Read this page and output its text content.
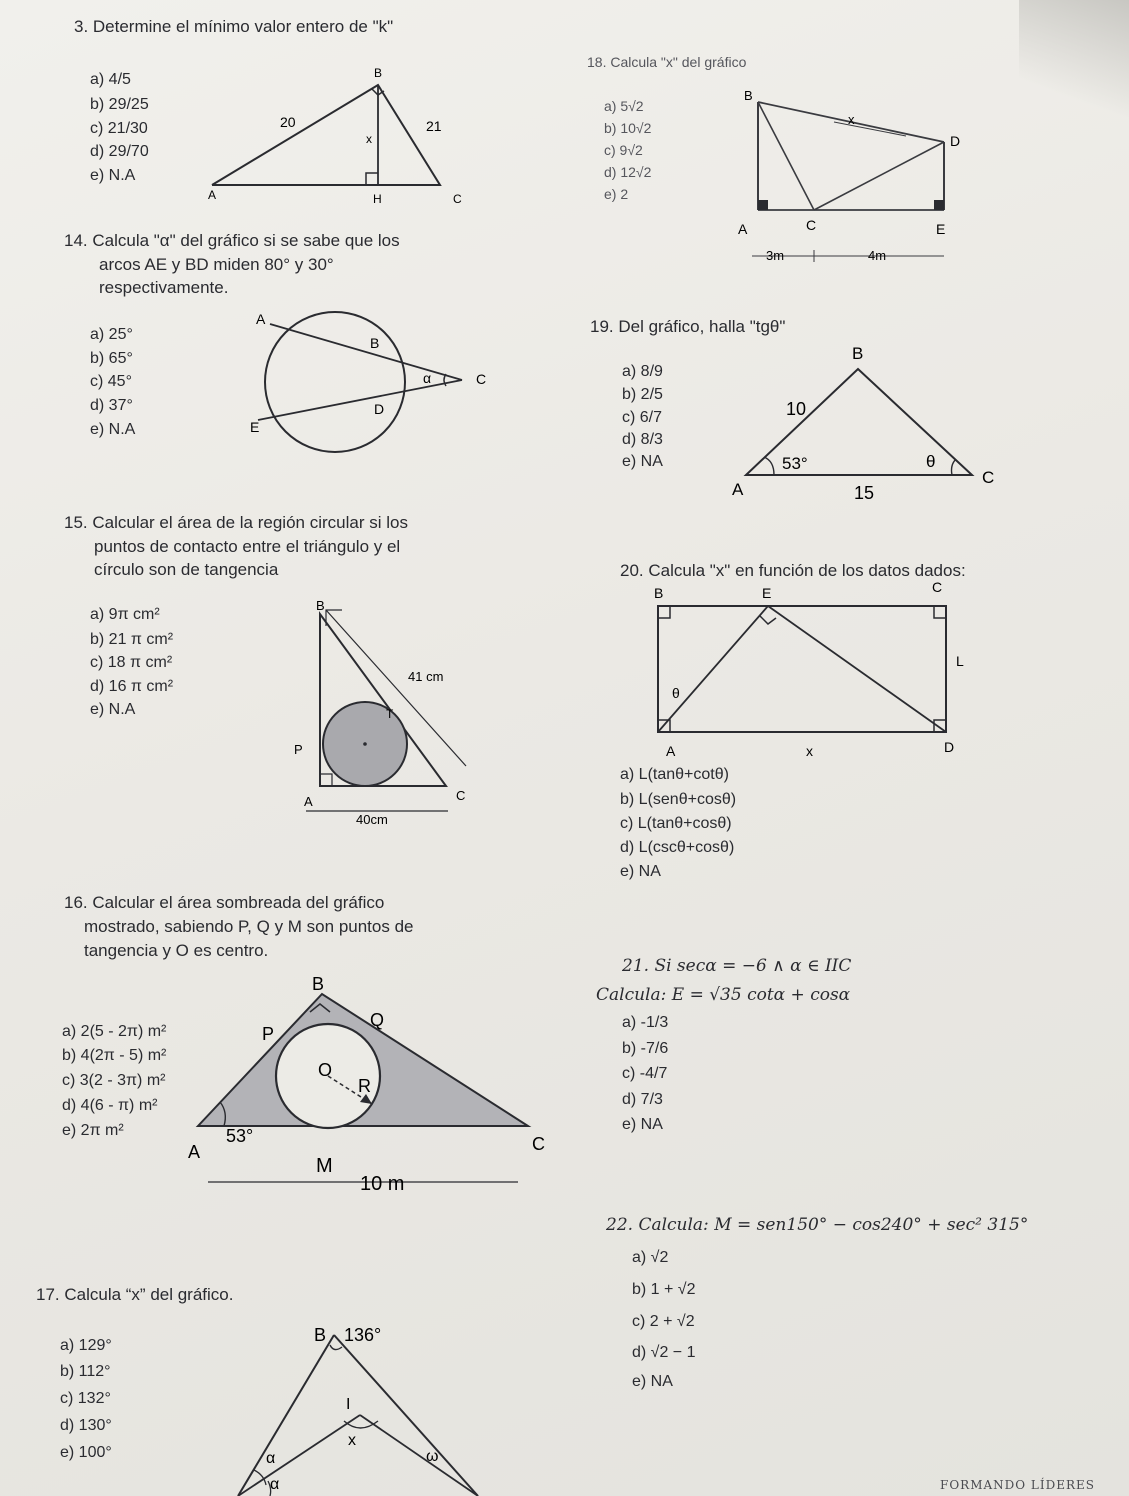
3. Determine el mínimo valor entero de "k"
a) 4/5
b) 29/25
c) 21/30
d) 29/70
e) N.A
B
A	H	C
20	21
x
14. Calcula "α" del gráfico si se sabe que los
arcos AE y BD miden 80° y 30°
respectivamente.
a) 25°
b) 65°
c) 45°
d) 37°
e) N.A
A
B
C
D
E
α
15. Calcular el área de la región circular si los
puntos de contacto entre el triángulo y el
círculo son de tangencia
a) 9π cm²
b) 21 π cm²
c) 18 π cm²
d) 16 π cm²
e) N.A
B
T
P
A	C
41 cm
40cm
16. Calcular el área sombreada del gráfico
mostrado, sabiendo P, Q y M son puntos de
tangencia y O es centro.
a) 2(5 - 2π) m²
b) 4(2π - 5) m²
c) 3(2 - 3π) m²
d) 4(6 - π) m²
e) 2π m²
B
P
Q
O
R
A	C
M
53°
10 m
17. Calcula “x” del gráfico.
a) 129°
b) 112°
c) 132°
d) 130°
e) 100°
B 136°
I
x
α
α
ω
18. Calcula "x" del gráfico
a) 5√2
b) 10√2
c) 9√2
d) 12√2
e) 2
B
x
D
A	C	E
3m	4m
19. Del gráfico, halla "tgθ"
a) 8/9
b) 2/5
c) 6/7
d) 8/3
e) NA
B
A
C
10
15
53°	θ
20. Calcula "x" en función de los datos dados:
a) L(tanθ+cotθ)
b) L(senθ+cosθ)
c) L(tanθ+cosθ)
d) L(cscθ+cosθ)
e) NA
B	E	C
L
θ
A	x	D
21. Si secα = −6 ∧ α ∈ IIC
Calcula: E = √35 cotα + cosα
a) -1/3
b) -7/6
c) -4/7
d) 7/3
e) NA
22. Calcula: M = sen150° − cos240° + sec² 315°
a) √2
b) 1 + √2
c) 2 + √2
d) √2 − 1
e) NA
FORMANDO LÍDERES
